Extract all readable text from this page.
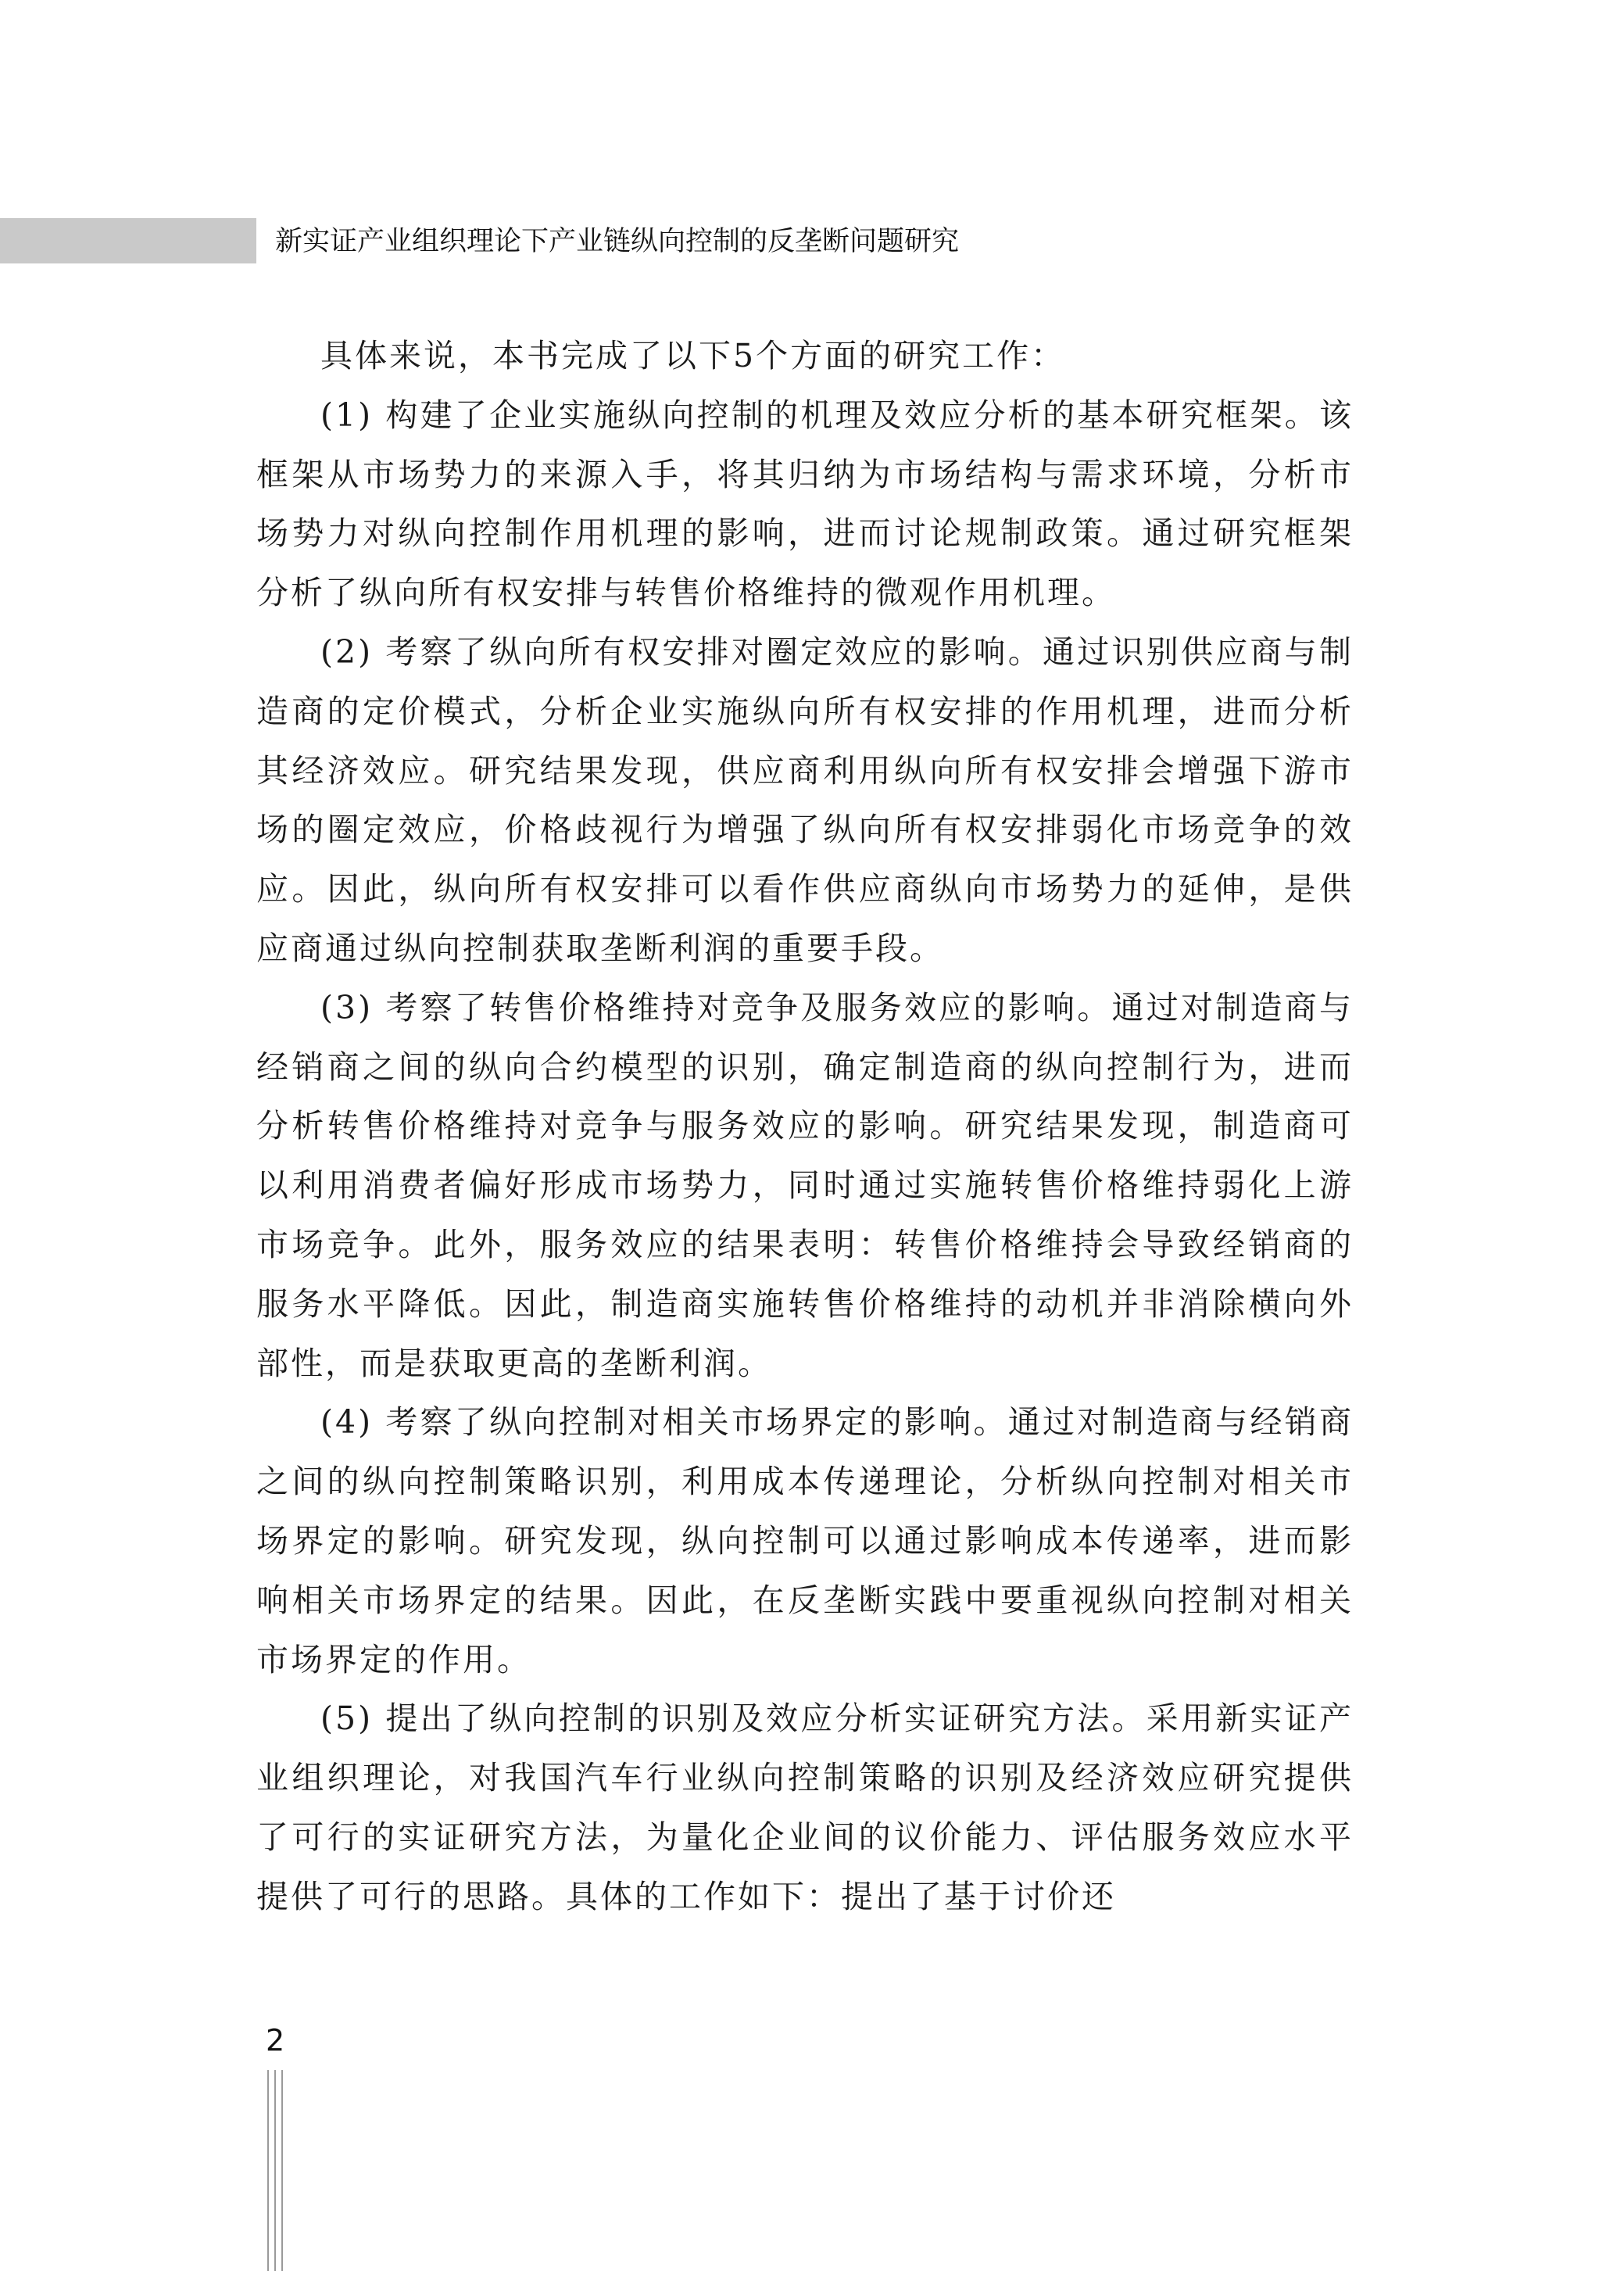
新实证产业组织理论下产业链纵向控制的反垄断问题研究

具体来说，本书完成了以下5个方面的研究工作：

(1) 构建了企业实施纵向控制的机理及效应分析的基本研究框架。该框架从市场势力的来源入手，将其归纳为市场结构与需求环境，分析市场势力对纵向控制作用机理的影响，进而讨论规制政策。通过研究框架分析了纵向所有权安排与转售价格维持的微观作用机理。

(2) 考察了纵向所有权安排对圈定效应的影响。通过识别供应商与制造商的定价模式，分析企业实施纵向所有权安排的作用机理，进而分析其经济效应。研究结果发现，供应商利用纵向所有权安排会增强下游市场的圈定效应，价格歧视行为增强了纵向所有权安排弱化市场竞争的效应。因此，纵向所有权安排可以看作供应商纵向市场势力的延伸，是供应商通过纵向控制获取垄断利润的重要手段。

(3) 考察了转售价格维持对竞争及服务效应的影响。通过对制造商与经销商之间的纵向合约模型的识别，确定制造商的纵向控制行为，进而分析转售价格维持对竞争与服务效应的影响。研究结果发现，制造商可以利用消费者偏好形成市场势力，同时通过实施转售价格维持弱化上游市场竞争。此外，服务效应的结果表明：转售价格维持会导致经销商的服务水平降低。因此，制造商实施转售价格维持的动机并非消除横向外部性，而是获取更高的垄断利润。

(4) 考察了纵向控制对相关市场界定的影响。通过对制造商与经销商之间的纵向控制策略识别，利用成本传递理论，分析纵向控制对相关市场界定的影响。研究发现，纵向控制可以通过影响成本传递率，进而影响相关市场界定的结果。因此，在反垄断实践中要重视纵向控制对相关市场界定的作用。

(5) 提出了纵向控制的识别及效应分析实证研究方法。采用新实证产业组织理论，对我国汽车行业纵向控制策略的识别及经济效应研究提供了可行的实证研究方法，为量化企业间的议价能力、评估服务效应水平提供了可行的思路。具体的工作如下：提出了基于讨价还

2
